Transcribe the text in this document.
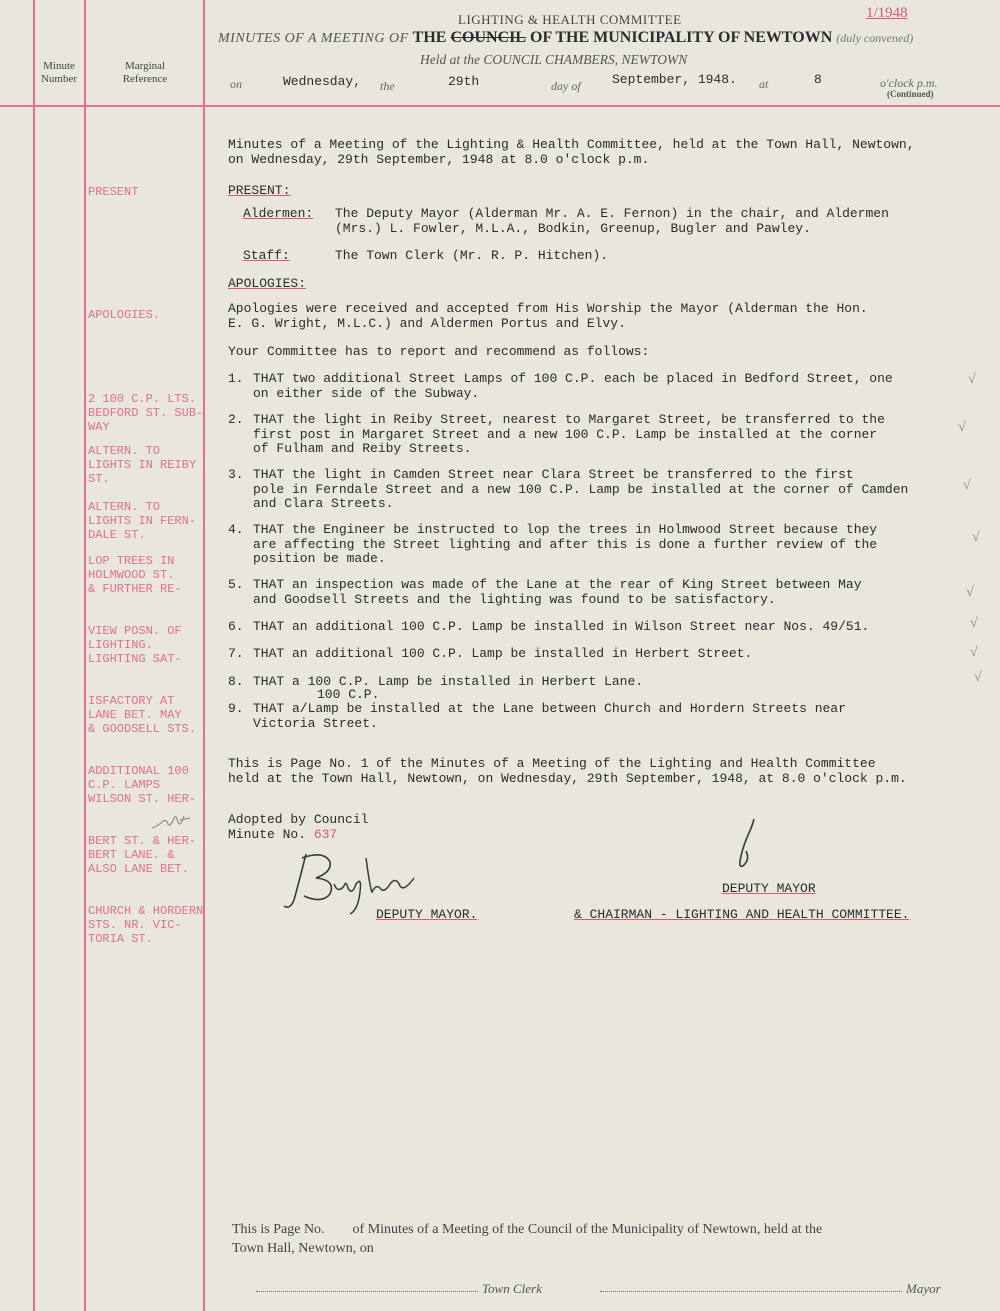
Minute
Number
Marginal
Reference
LIGHTING & HEALTH COMMITTEE	1/1948
MINUTES OF A MEETING OF THE COUNCIL OF THE MUNICIPALITY OF NEWTOWN (duly convened)
Held at the COUNCIL CHAMBERS, NEWTOWN
on	Wednesday, the	29th	day of September, 1948. at	8	o'clock p.m.
(Continued)
Minutes of a Meeting of the Lighting & Health Committee, held at the Town Hall, Newtown,
on Wednesday, 29th September, 1948 at 8.0 o'clock p.m.
PRESENT
APOLOGIES.

2 100 C.P. LTS.
BEDFORD ST. SUB-
WAY

ALTERN. TO
LIGHTS IN REIBY
ST.

ALTERN. TO
LIGHTS IN FERN-
DALE ST.

LOP TREES IN
HOLMWOOD ST.
& FURTHER RE-

VIEW POSN. OF
LIGHTING.
LIGHTING SAT-

ISFACTORY AT
LANE BET. MAY
& GOODSELL STS.

ADDITIONAL 100
C.P. LAMPS
WILSON ST. HER-

BERT ST. & HER-
BERT LANE. &
ALSO LANE BET.

CHURCH & HORDERN
STS. NR. VIC-
TORIA ST.

PRESENT:
Aldermen: The Deputy Mayor (Alderman Mr. A. E. Fernon) in the chair, and Aldermen
(Mrs.) L. Fowler, M.L.A., Bodkin, Greenup, Bugler and Pawley.
Staff:	The Town Clerk (Mr. R. P. Hitchen).
APOLOGIES:
Apologies were received and accepted from His Worship the Mayor (Alderman the Hon.
E. G. Wright, M.L.C.) and Aldermen Portus and Elvy.
Your Committee has to report and recommend as follows:
1. THAT two additional Street Lamps of 100 C.P. each be placed in Bedford Street, one
on either side of the Subway.
2. THAT the light in Reiby Street, nearest to Margaret Street, be transferred to the
first post in Margaret Street and a new 100 C.P. Lamp be installed at the corner
of Fulham and Reiby Streets.
3. THAT the light in Camden Street near Clara Street be transferred to the first
pole in Ferndale Street and a new 100 C.P. Lamp be installed at the corner of Camden
and Clara Streets.
4. THAT the Engineer be instructed to lop the trees in Holmwood Street because they
are affecting the Street lighting and after this is done a further review of the
position be made.
5. THAT an inspection was made of the Lane at the rear of King Street between May
and Goodsell Streets and the lighting was found to be satisfactory.
6. THAT an additional 100 C.P. Lamp be installed in Wilson Street near Nos. 49/51.
7. THAT an additional 100 C.P. Lamp be installed in Herbert Street.
8. THAT a 100 C.P. Lamp be installed in Herbert Lane.
100 C.P.
9. THAT a/Lamp be installed at the Lane between Church and Hordern Streets near
Victoria Street.
√
√
√
√
√
√
√
√
This is Page No. 1 of the Minutes of a Meeting of the Lighting and Health Committee
held at the Town Hall, Newtown, on Wednesday, 29th September, 1948, at 8.0 o'clock p.m.
Adopted by Council
Minute No. 637
DEPUTY MAYOR.
DEPUTY MAYOR
& CHAIRMAN - LIGHTING AND HEALTH COMMITTEE.
This is Page No.        of Minutes of a Meeting of the Council of the Municipality of Newtown, held at the
Town Hall, Newtown, on
Town Clerk	Mayor
